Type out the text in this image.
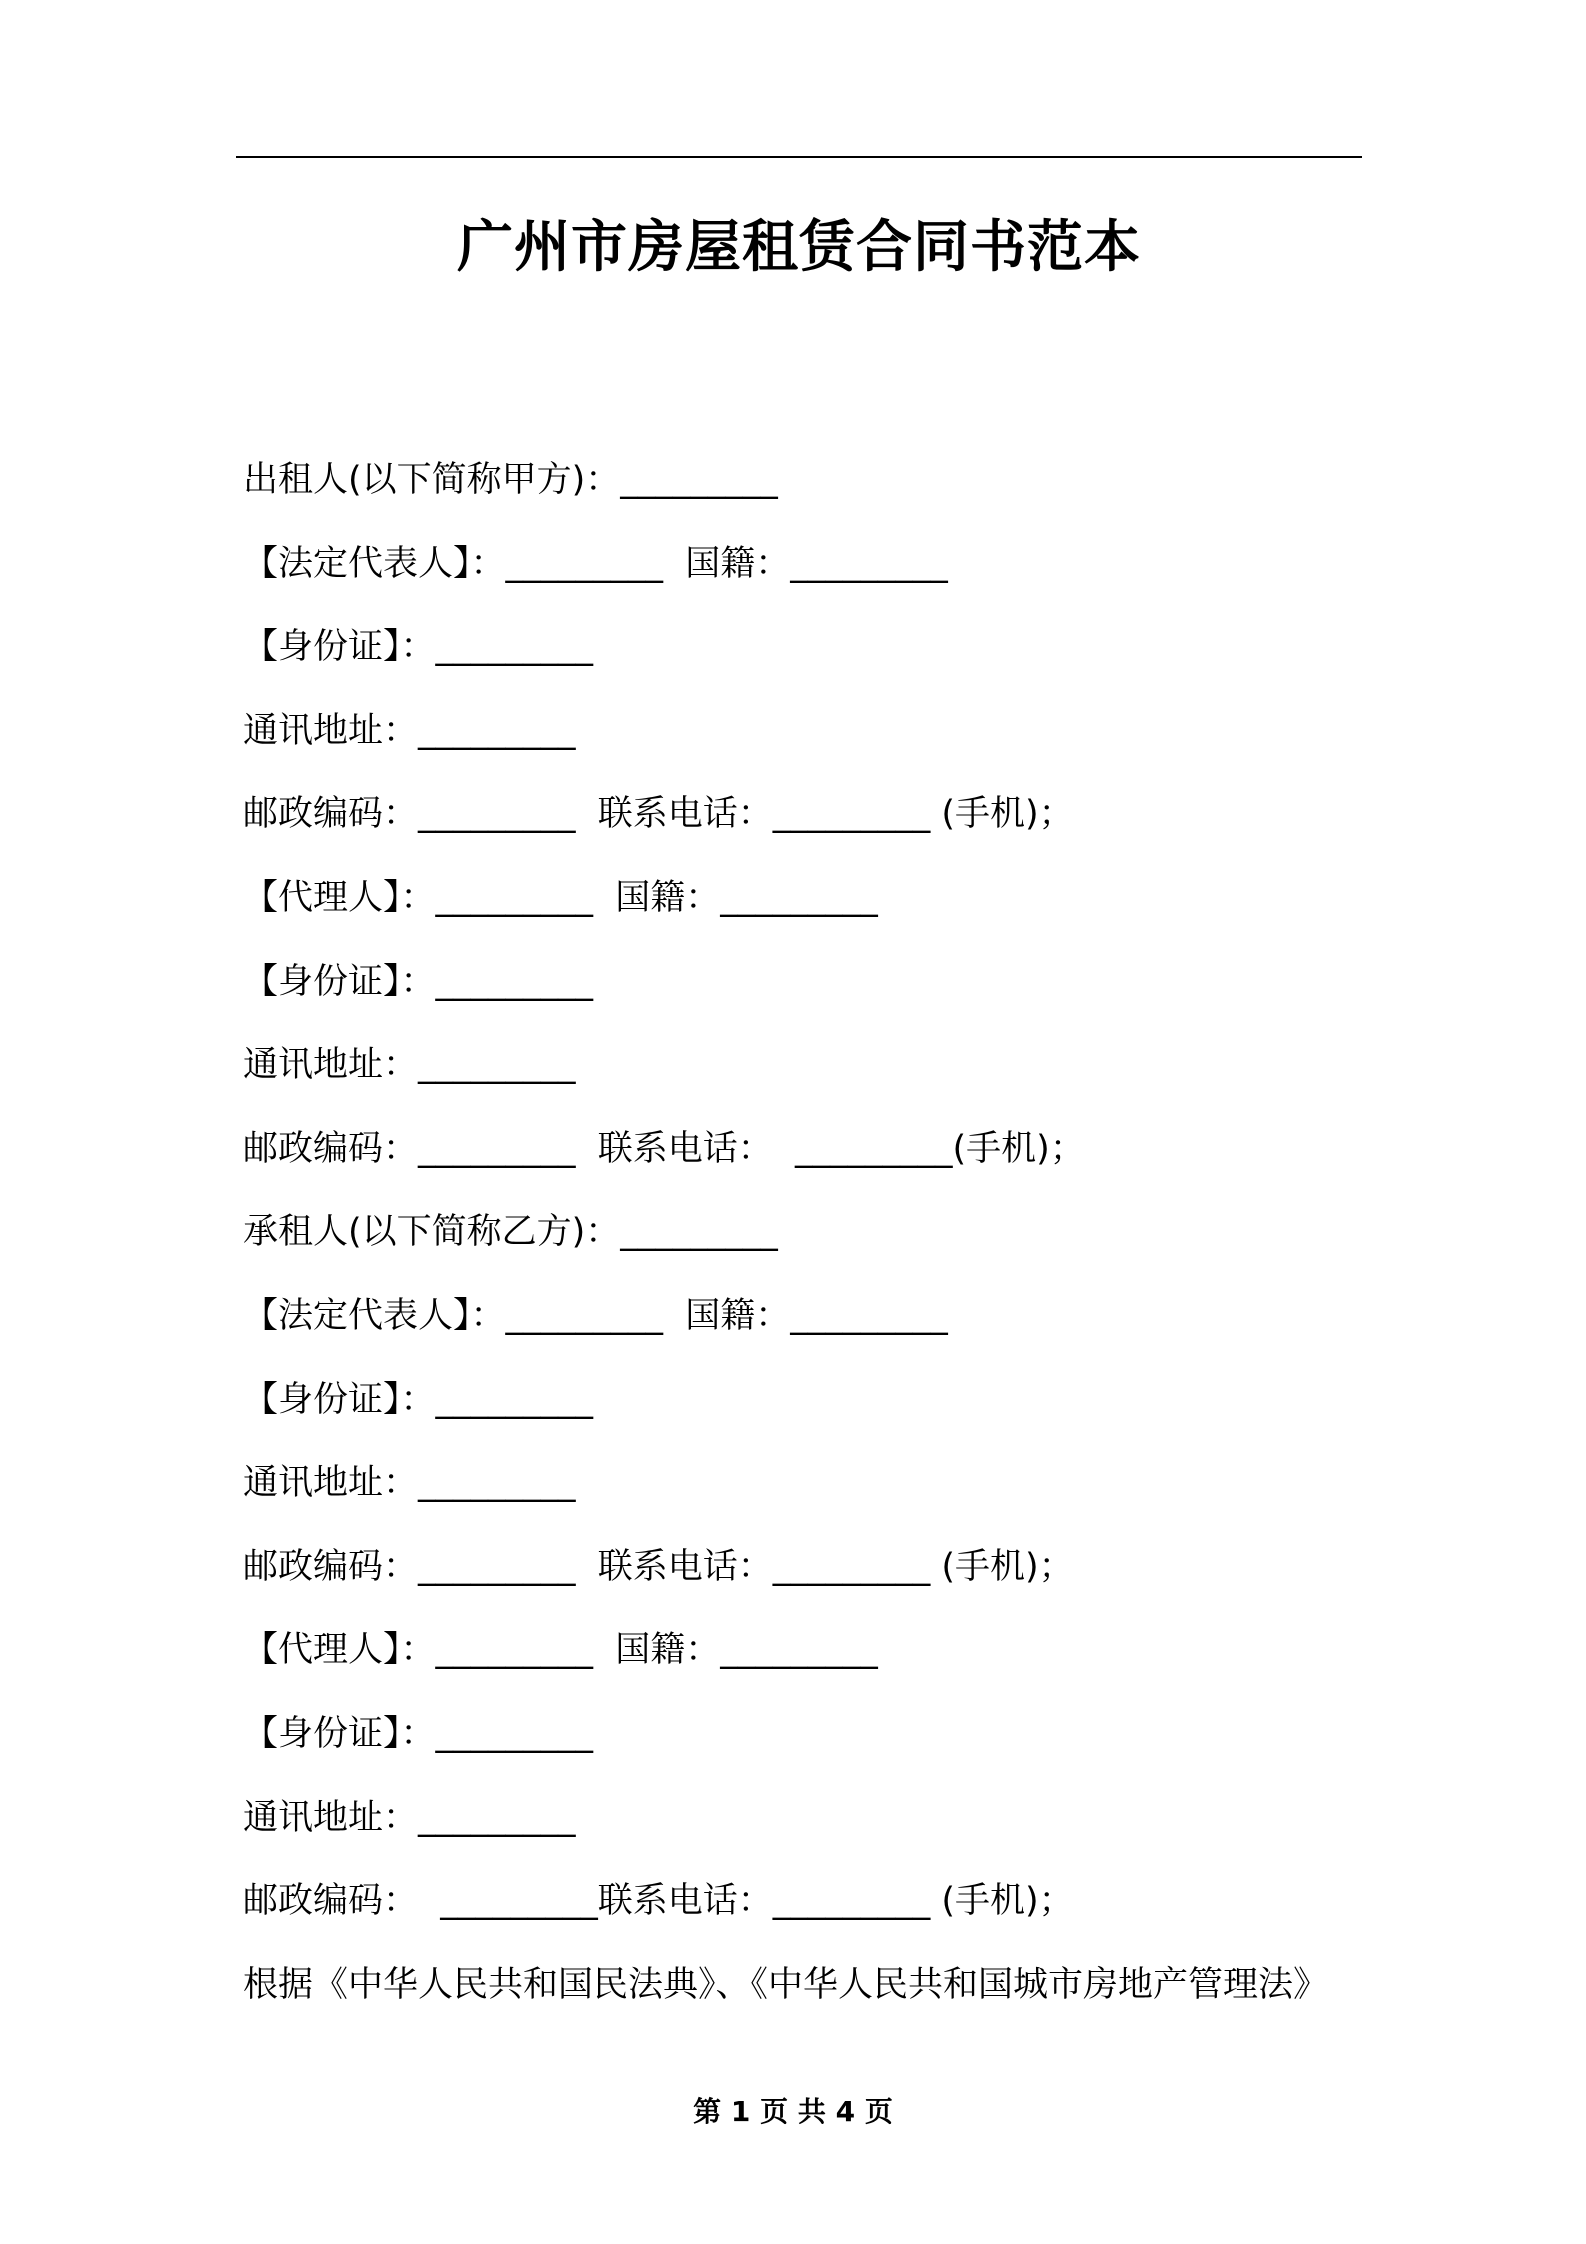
广州市房屋租赁合同书范本
出租人(以下简称甲方)：_________
【法定代表人】：_________  国籍：_________
【身份证】：_________
通讯地址：_________
邮政编码：_________  联系电话：_________ (手机)；
【代理人】：_________  国籍：_________
【身份证】：_________
通讯地址：_________
邮政编码：_________  联系电话：  _________(手机)；
承租人(以下简称乙方)：_________
【法定代表人】：_________  国籍：_________
【身份证】：_________
通讯地址：_________
邮政编码：_________  联系电话：_________ (手机)；
【代理人】：_________  国籍：_________
【身份证】：_________
通讯地址：_________
邮政编码：  _________联系电话：_________ (手机)；
根据《中华人民共和国民法典》、《中华人民共和国城市房地产管理法》
第 1 页 共 4 页
